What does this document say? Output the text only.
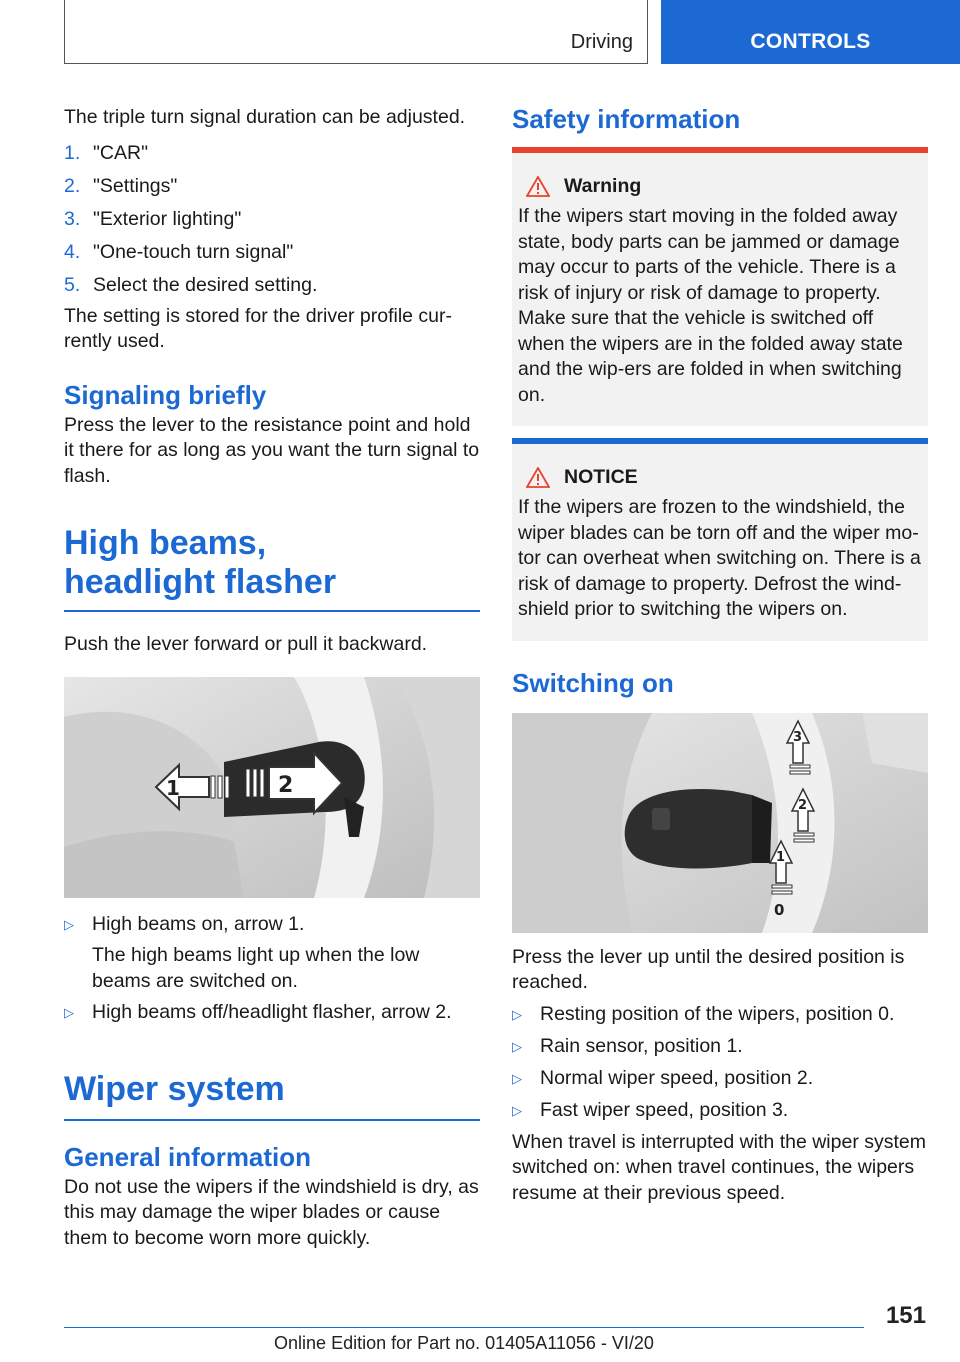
Driving	CONTROLS

The triple turn signal duration can be adjusted.

1. "CAR"
2. "Settings"
3. "Exterior lighting"
4. "One-touch turn signal"
5. Select the desired setting.

The setting is stored for the driver profile cur-rently used.

Signaling briefly

Press the lever to the resistance point and hold it there for as long as you want the turn signal to flash.

High beams,
headlight flasher

Push the lever forward or pull it backward.

1	2
▷ High beams on, arrow 1.
The high beams light up when the low beams are switched on.
▷ High beams off/headlight flasher, arrow 2.
Wiper system
General information

Do not use the wipers if the windshield is dry, as this may damage the wiper blades or cause them to become worn more quickly.

Safety information
Warning

If the wipers start moving in the folded away state, body parts can be jammed or damage may occur to parts of the vehicle. There is a risk of injury or risk of damage to property. Make sure that the vehicle is switched off when the wipers are in the folded away state and the wip-ers are folded in when switching on.

NOTICE

If the wipers are frozen to the windshield, the wiper blades can be torn off and the wiper mo-tor can overheat when switching on. There is a risk of damage to property. Defrost the wind-shield prior to switching the wipers on.

Switching on
3
2
1
0

Press the lever up until the desired position is reached.

▷ Resting position of the wipers, position 0.
▷ Rain sensor, position 1.
▷ Normal wiper speed, position 2.
▷ Fast wiper speed, position 3.

When travel is interrupted with the wiper system switched on: when travel continues, the wipers resume at their previous speed.

151
Online Edition for Part no. 01405A11056 - VI/20
